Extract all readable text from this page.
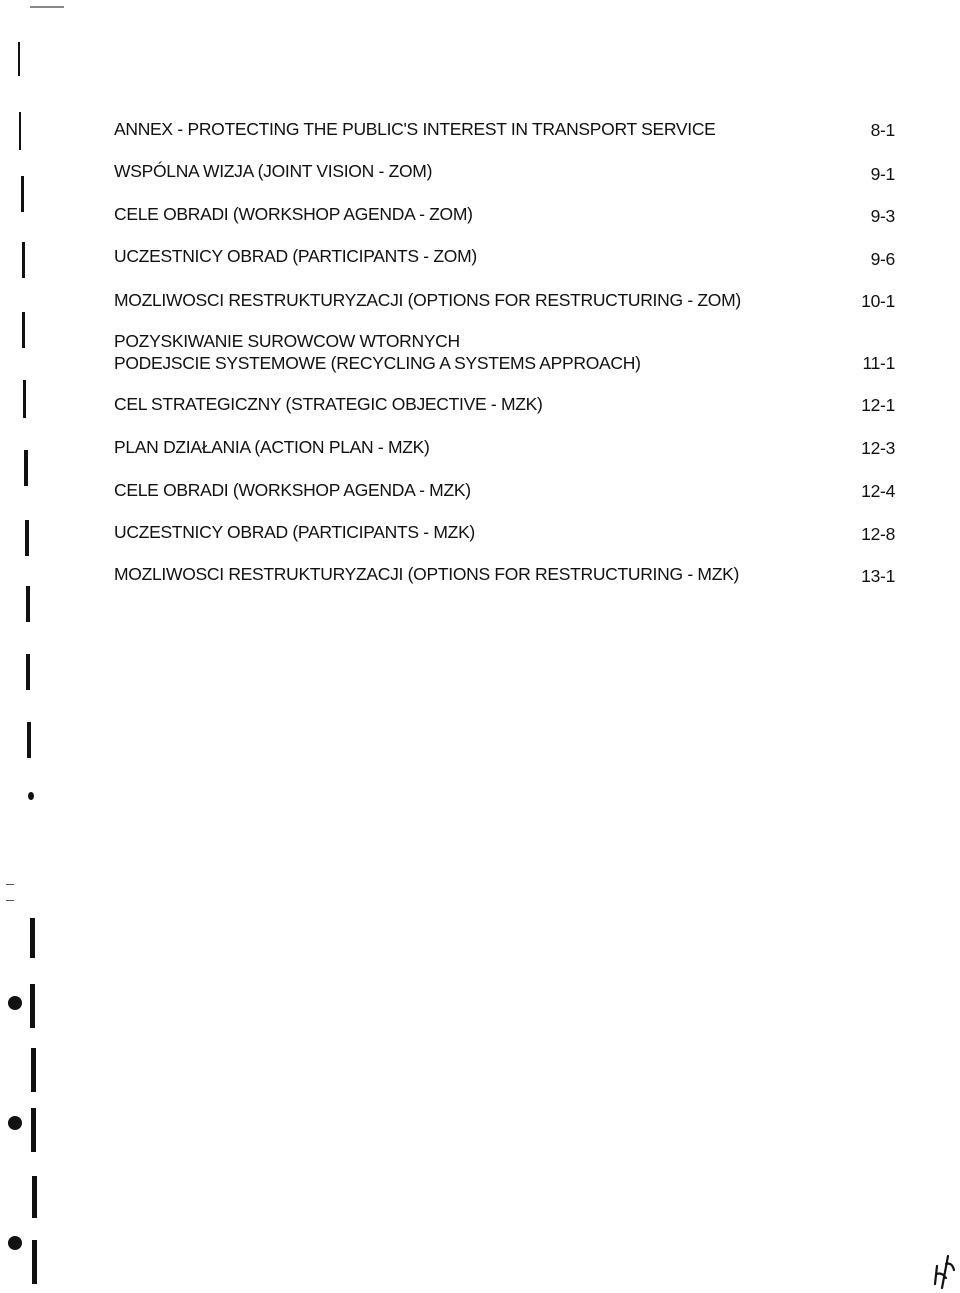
ANNEX - PROTECTING THE PUBLIC'S INTEREST IN TRANSPORT SERVICE	8-1
WSPÓLNA WIZJA (JOINT VISION - ZOM)	9-1
CELE OBRADI (WORKSHOP AGENDA - ZOM)	9-3
UCZESTNICY OBRAD (PARTICIPANTS - ZOM)	9-6
MOZLIWOSCI RESTRUKTURYZACJI (OPTIONS FOR RESTRUCTURING - ZOM)	10-1
POZYSKIWANIE SUROWCOW WTORNYCH
PODEJSCIE SYSTEMOWE (RECYCLING A SYSTEMS APPROACH)	11-1
CEL STRATEGICZNY (STRATEGIC OBJECTIVE - MZK)	12-1
PLAN DZIAŁANIA (ACTION PLAN - MZK)	12-3
CELE OBRADI (WORKSHOP AGENDA - MZK)	12-4
UCZESTNICY OBRAD (PARTICIPANTS - MZK)	12-8
MOZLIWOSCI RESTRUKTURYZACJI (OPTIONS FOR RESTRUCTURING - MZK)	13-1
